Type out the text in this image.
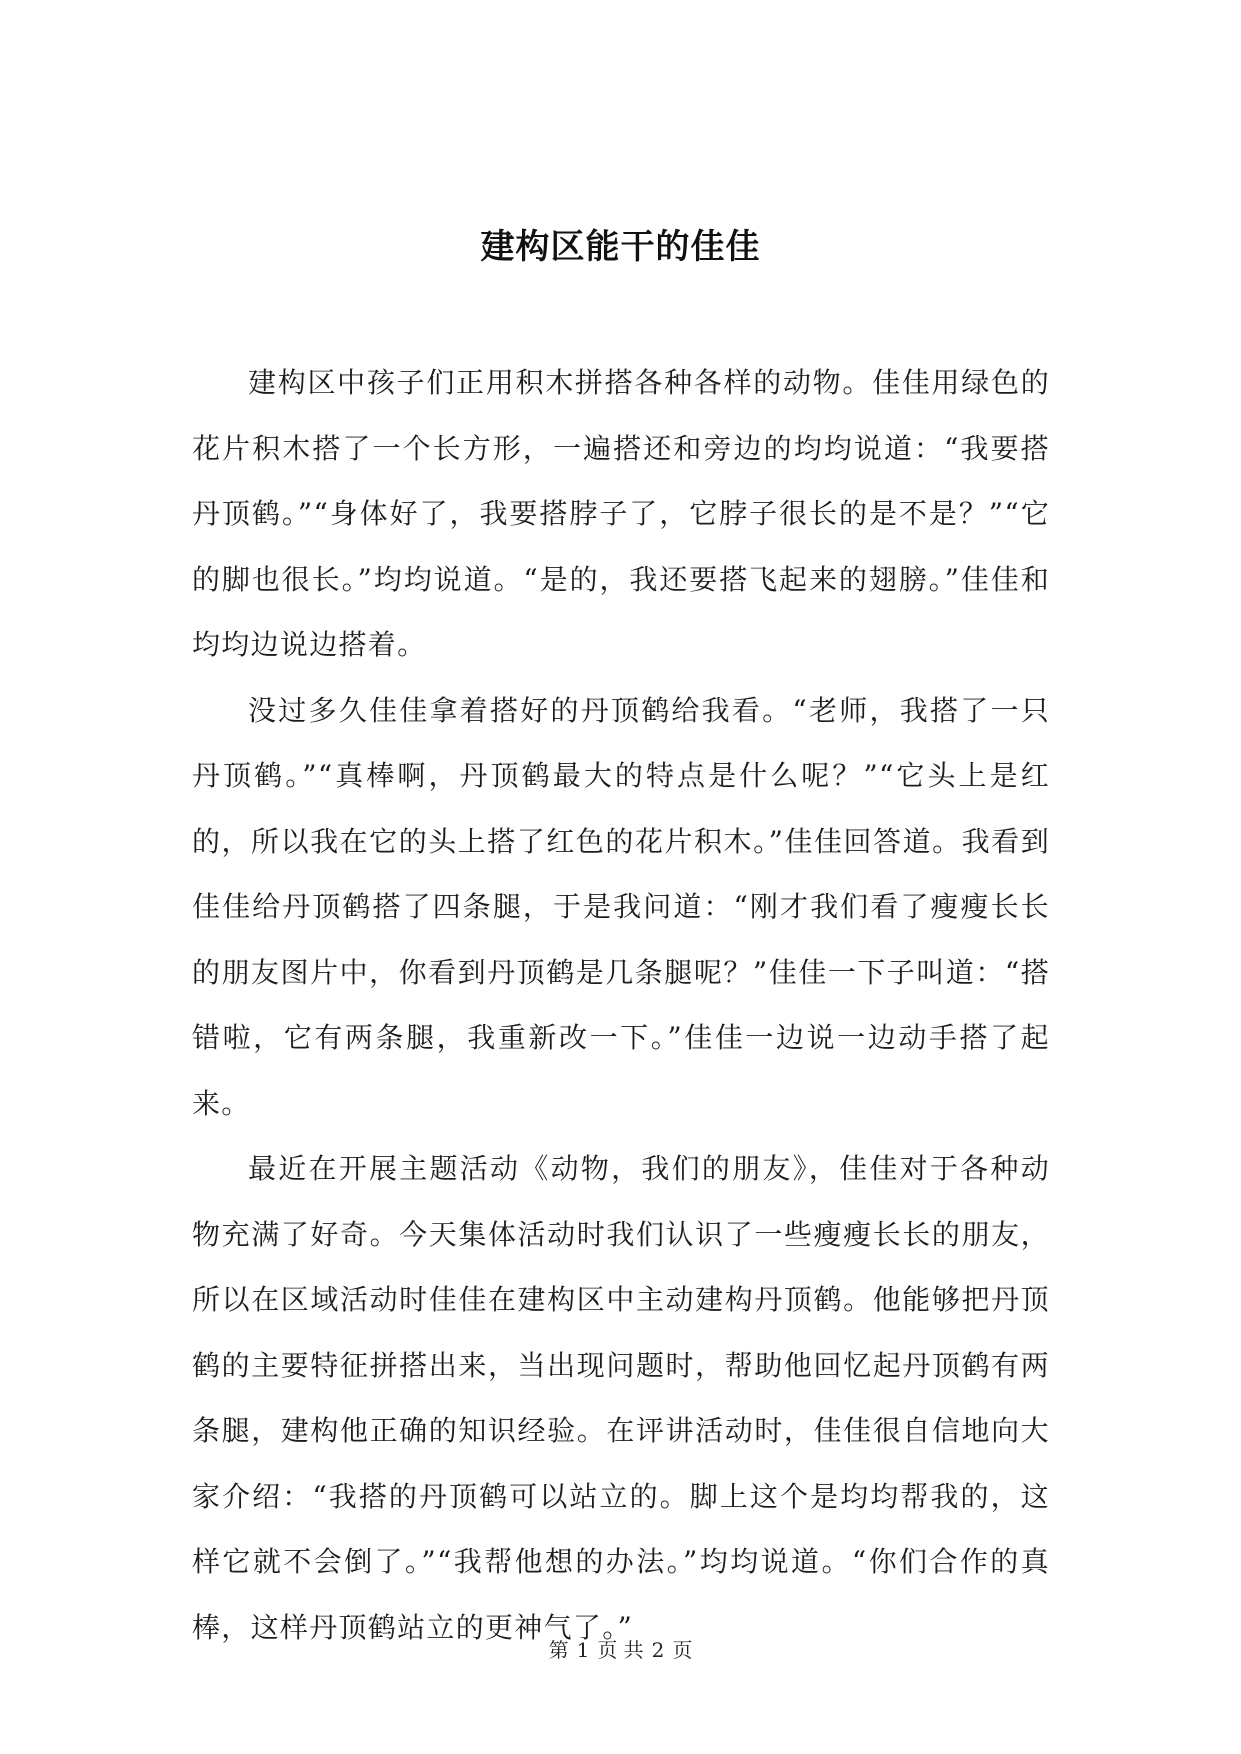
建构区能干的佳佳

建构区中孩子们正用积木拼搭各种各样的动物。佳佳用绿色的花片积木搭了一个长方形，一遍搭还和旁边的均均说道：“我要搭丹顶鹤。”“身体好了，我要搭脖子了，它脖子很长的是不是？”“它的脚也很长。”均均说道。“是的，我还要搭飞起来的翅膀。”佳佳和均均边说边搭着。

没过多久佳佳拿着搭好的丹顶鹤给我看。“老师，我搭了一只丹顶鹤。”“真棒啊，丹顶鹤最大的特点是什么呢？”“它头上是红的，所以我在它的头上搭了红色的花片积木。”佳佳回答道。我看到佳佳给丹顶鹤搭了四条腿，于是我问道：“刚才我们看了瘦瘦长长的朋友图片中，你看到丹顶鹤是几条腿呢？”佳佳一下子叫道：“搭错啦，它有两条腿，我重新改一下。”佳佳一边说一边动手搭了起来。

最近在开展主题活动《动物，我们的朋友》，佳佳对于各种动物充满了好奇。今天集体活动时我们认识了一些瘦瘦长长的朋友，所以在区域活动时佳佳在建构区中主动建构丹顶鹤。他能够把丹顶鹤的主要特征拼搭出来，当出现问题时，帮助他回忆起丹顶鹤有两条腿，建构他正确的知识经验。在评讲活动时，佳佳很自信地向大家介绍：“我搭的丹顶鹤可以站立的。脚上这个是均均帮我的，这样它就不会倒了。”“我帮他想的办法。”均均说道。“你们合作的真棒，这样丹顶鹤站立的更神气了。”

第 1 页 共 2 页
